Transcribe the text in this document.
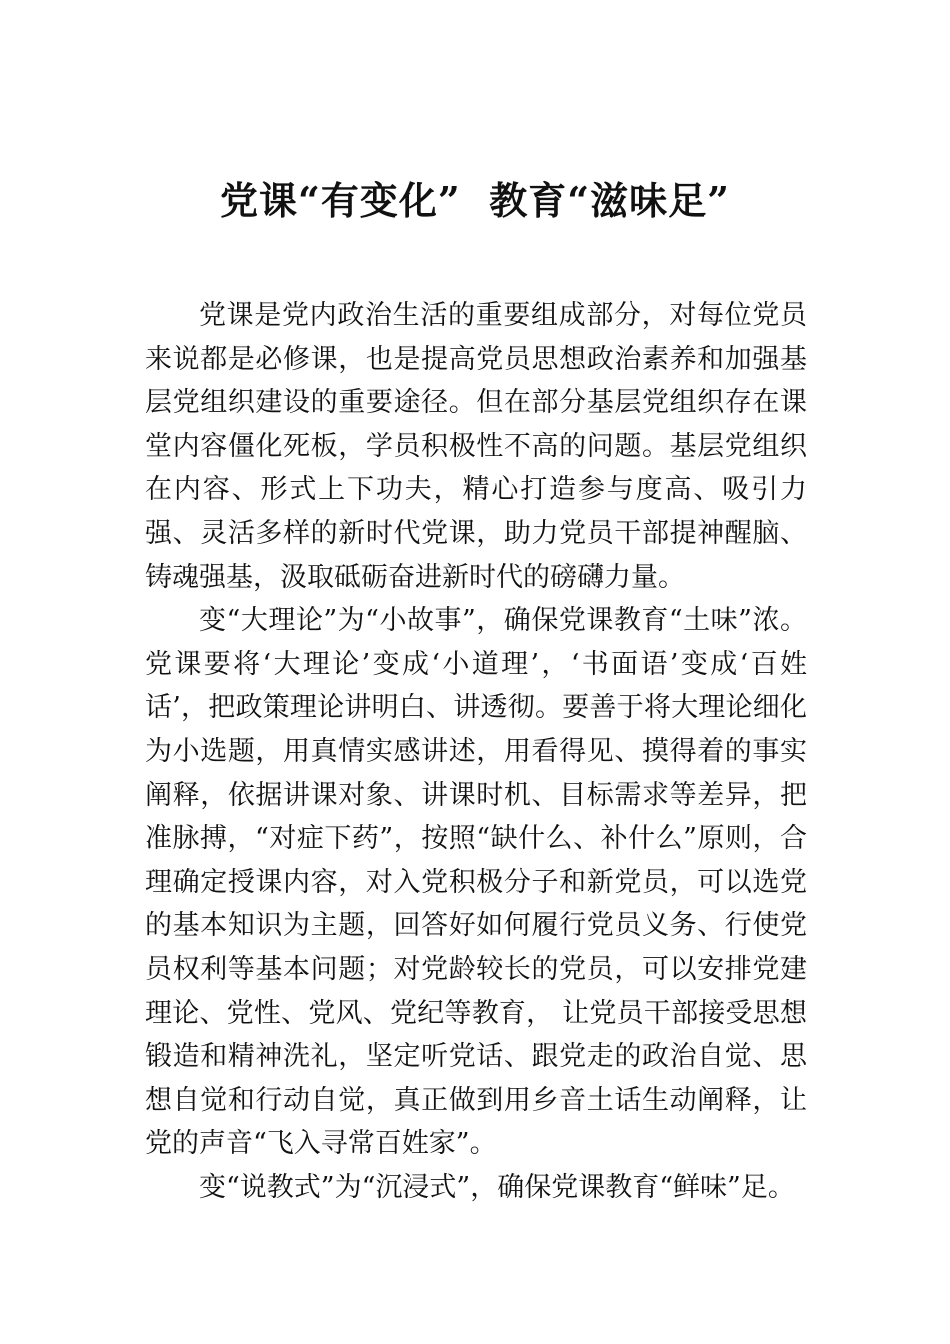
党课“有变化”  教育“滋味足”

党课是党内政治生活的重要组成部分，对每位党员来说都是必修课，也是提高党员思想政治素养和加强基层党组织建设的重要途径。但在部分基层党组织存在课堂内容僵化死板，学员积极性不高的问题。基层党组织在内容、形式上下功夫，精心打造参与度高、吸引力强、灵活多样的新时代党课，助力党员干部提神醒脑、铸魂强基，汲取砥砺奋进新时代的磅礴力量。

变“大理论”为“小故事”，确保党课教育“土味”浓。党课要将‘大理论’变成‘小道理’，‘书面语’变成‘百姓话’，把政策理论讲明白、讲透彻。要善于将大理论细化为小选题，用真情实感讲述，用看得见、摸得着的事实阐释，依据讲课对象、讲课时机、目标需求等差异，把准脉搏，“对症下药”，按照“缺什么、补什么”原则，合理确定授课内容，对入党积极分子和新党员，可以选党的基本知识为主题，回答好如何履行党员义务、行使党员权利等基本问题；对党龄较长的党员，可以安排党建理论、党性、党风、党纪等教育， 让党员干部接受思想锻造和精神洗礼，坚定听党话、跟党走的政治自觉、思想自觉和行动自觉，真正做到用乡音土话生动阐释，让党的声音“飞入寻常百姓家”。

变“说教式”为“沉浸式”，确保党课教育“鲜味”足。
